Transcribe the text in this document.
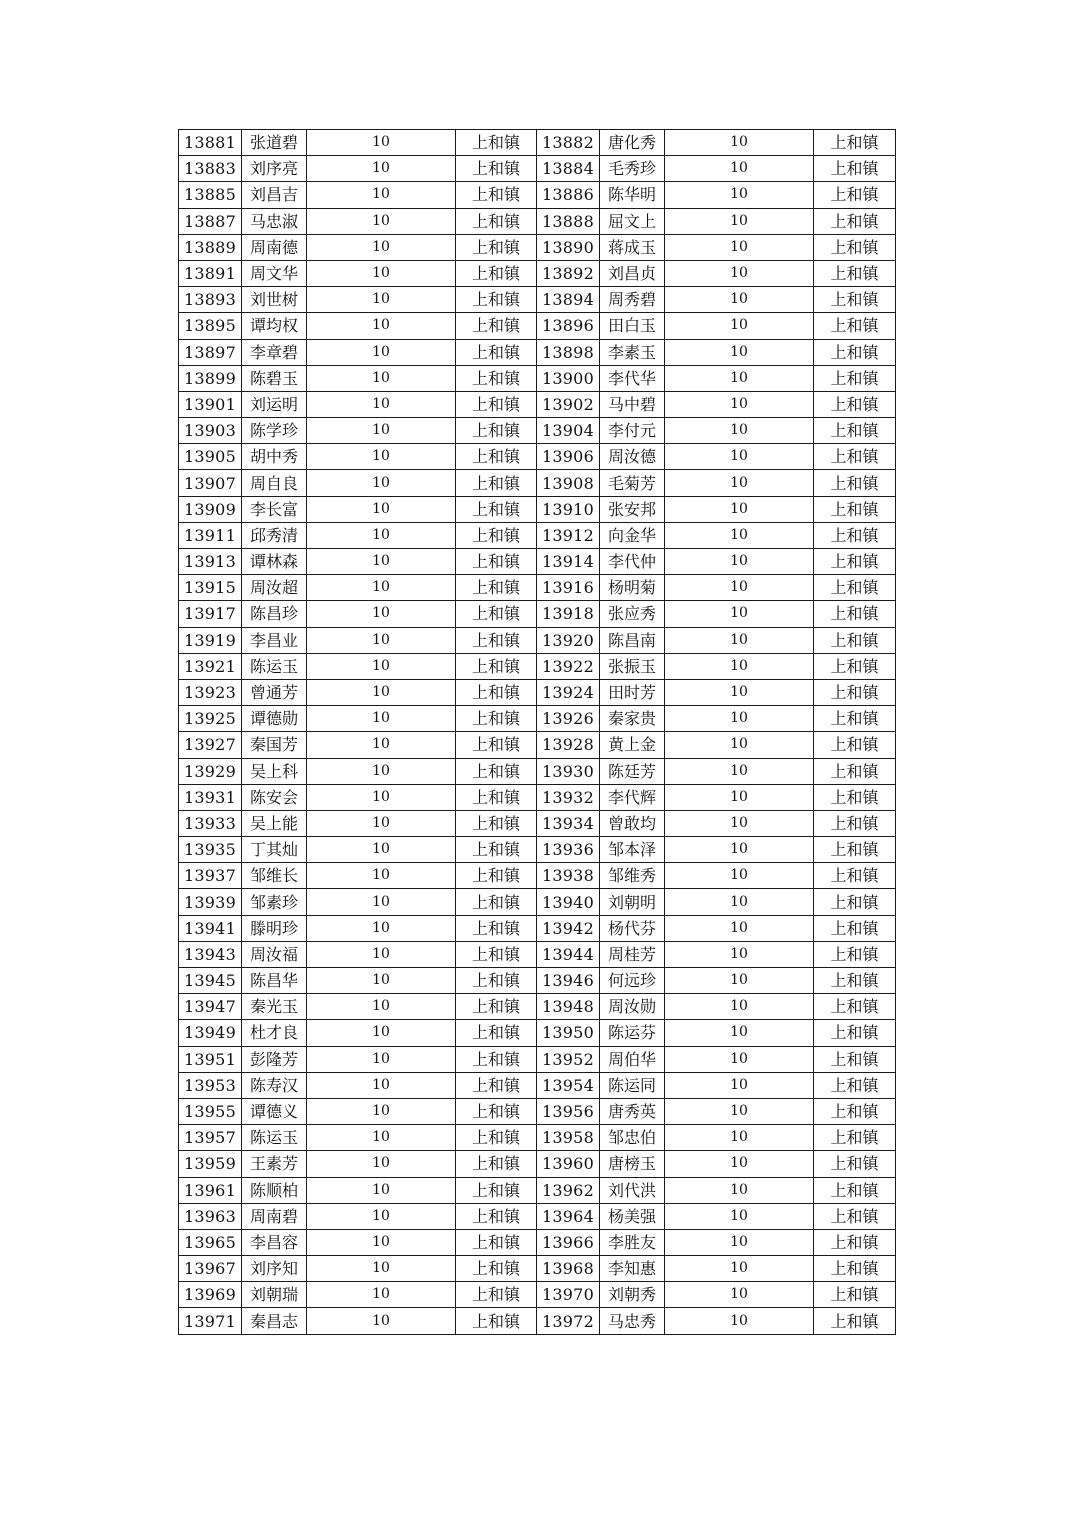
13881	张道碧	10	上和镇	13882	唐化秀	10	上和镇
13883	刘序亮	10	上和镇	13884	毛秀珍	10	上和镇
13885	刘昌吉	10	上和镇	13886	陈华明	10	上和镇
13887	马忠淑	10	上和镇	13888	屈文上	10	上和镇
13889	周南德	10	上和镇	13890	蒋成玉	10	上和镇
13891	周文华	10	上和镇	13892	刘昌贞	10	上和镇
13893	刘世树	10	上和镇	13894	周秀碧	10	上和镇
13895	谭均权	10	上和镇	13896	田白玉	10	上和镇
13897	李章碧	10	上和镇	13898	李素玉	10	上和镇
13899	陈碧玉	10	上和镇	13900	李代华	10	上和镇
13901	刘运明	10	上和镇	13902	马中碧	10	上和镇
13903	陈学珍	10	上和镇	13904	李付元	10	上和镇
13905	胡中秀	10	上和镇	13906	周汝德	10	上和镇
13907	周自良	10	上和镇	13908	毛菊芳	10	上和镇
13909	李长富	10	上和镇	13910	张安邦	10	上和镇
13911	邱秀清	10	上和镇	13912	向金华	10	上和镇
13913	谭林森	10	上和镇	13914	李代仲	10	上和镇
13915	周汝超	10	上和镇	13916	杨明菊	10	上和镇
13917	陈昌珍	10	上和镇	13918	张应秀	10	上和镇
13919	李昌业	10	上和镇	13920	陈昌南	10	上和镇
13921	陈运玉	10	上和镇	13922	张振玉	10	上和镇
13923	曾通芳	10	上和镇	13924	田时芳	10	上和镇
13925	谭德勋	10	上和镇	13926	秦家贵	10	上和镇
13927	秦国芳	10	上和镇	13928	黄上金	10	上和镇
13929	吴上科	10	上和镇	13930	陈廷芳	10	上和镇
13931	陈安会	10	上和镇	13932	李代辉	10	上和镇
13933	吴上能	10	上和镇	13934	曾敢均	10	上和镇
13935	丁其灿	10	上和镇	13936	邹本泽	10	上和镇
13937	邹维长	10	上和镇	13938	邹维秀	10	上和镇
13939	邹素珍	10	上和镇	13940	刘朝明	10	上和镇
13941	滕明珍	10	上和镇	13942	杨代芬	10	上和镇
13943	周汝福	10	上和镇	13944	周桂芳	10	上和镇
13945	陈昌华	10	上和镇	13946	何远珍	10	上和镇
13947	秦光玉	10	上和镇	13948	周汝勋	10	上和镇
13949	杜才良	10	上和镇	13950	陈运芬	10	上和镇
13951	彭隆芳	10	上和镇	13952	周伯华	10	上和镇
13953	陈寿汉	10	上和镇	13954	陈运同	10	上和镇
13955	谭德义	10	上和镇	13956	唐秀英	10	上和镇
13957	陈运玉	10	上和镇	13958	邹忠伯	10	上和镇
13959	王素芳	10	上和镇	13960	唐榜玉	10	上和镇
13961	陈顺柏	10	上和镇	13962	刘代洪	10	上和镇
13963	周南碧	10	上和镇	13964	杨美强	10	上和镇
13965	李昌容	10	上和镇	13966	李胜友	10	上和镇
13967	刘序知	10	上和镇	13968	李知惠	10	上和镇
13969	刘朝瑞	10	上和镇	13970	刘朝秀	10	上和镇
13971	秦昌志	10	上和镇	13972	马忠秀	10	上和镇
